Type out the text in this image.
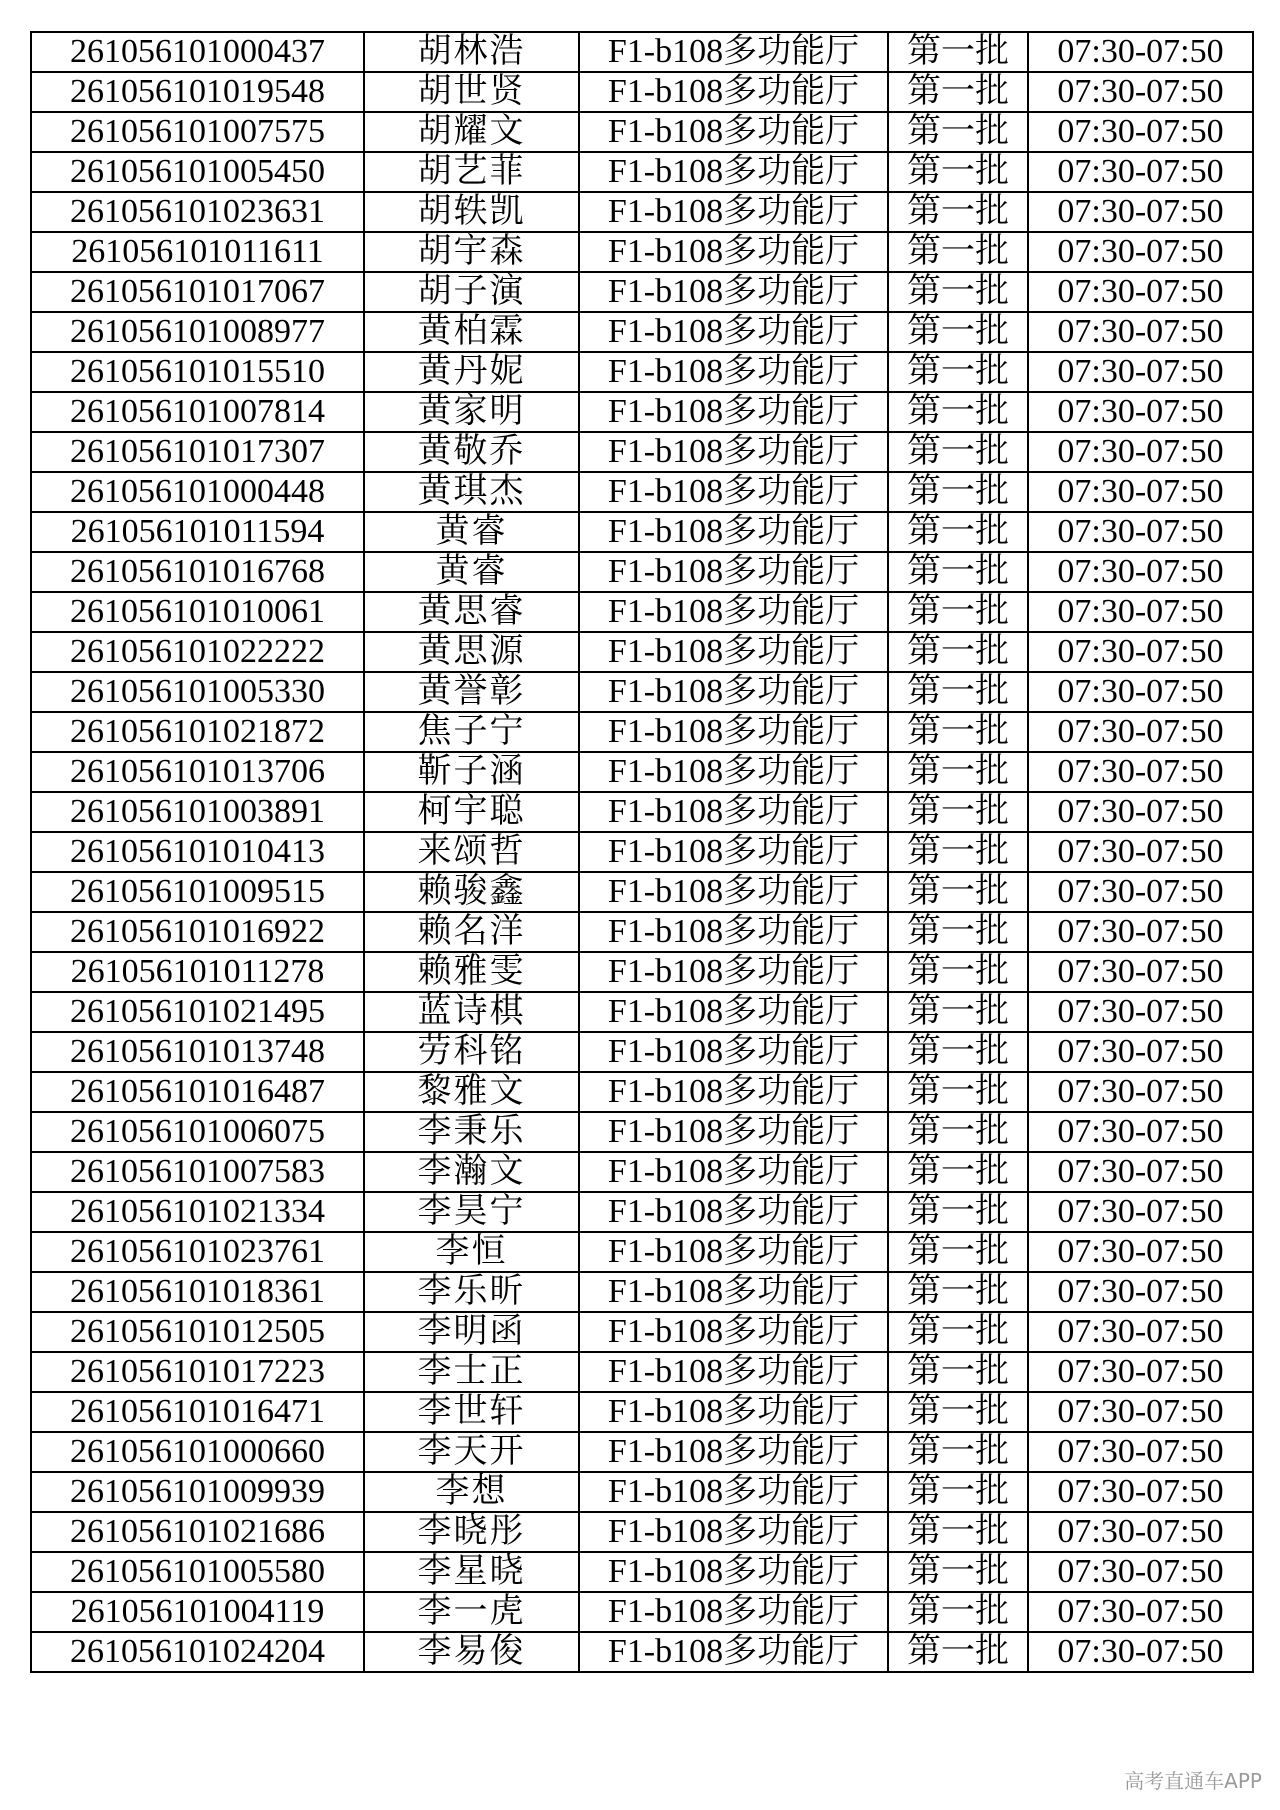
261056101000437	胡林浩	F1-b108多功能厅	第一批	07:30-07:50
261056101019548	胡世贤	F1-b108多功能厅	第一批	07:30-07:50
261056101007575	胡耀文	F1-b108多功能厅	第一批	07:30-07:50
261056101005450	胡艺菲	F1-b108多功能厅	第一批	07:30-07:50
261056101023631	胡轶凯	F1-b108多功能厅	第一批	07:30-07:50
261056101011611	胡宇森	F1-b108多功能厅	第一批	07:30-07:50
261056101017067	胡子演	F1-b108多功能厅	第一批	07:30-07:50
261056101008977	黄柏霖	F1-b108多功能厅	第一批	07:30-07:50
261056101015510	黄丹妮	F1-b108多功能厅	第一批	07:30-07:50
261056101007814	黄家明	F1-b108多功能厅	第一批	07:30-07:50
261056101017307	黄敬乔	F1-b108多功能厅	第一批	07:30-07:50
261056101000448	黄琪杰	F1-b108多功能厅	第一批	07:30-07:50
261056101011594	黄睿	F1-b108多功能厅	第一批	07:30-07:50
261056101016768	黄睿	F1-b108多功能厅	第一批	07:30-07:50
261056101010061	黄思睿	F1-b108多功能厅	第一批	07:30-07:50
261056101022222	黄思源	F1-b108多功能厅	第一批	07:30-07:50
261056101005330	黄誉彰	F1-b108多功能厅	第一批	07:30-07:50
261056101021872	焦子宁	F1-b108多功能厅	第一批	07:30-07:50
261056101013706	靳子涵	F1-b108多功能厅	第一批	07:30-07:50
261056101003891	柯宇聪	F1-b108多功能厅	第一批	07:30-07:50
261056101010413	来颂哲	F1-b108多功能厅	第一批	07:30-07:50
261056101009515	赖骏鑫	F1-b108多功能厅	第一批	07:30-07:50
261056101016922	赖名洋	F1-b108多功能厅	第一批	07:30-07:50
261056101011278	赖雅雯	F1-b108多功能厅	第一批	07:30-07:50
261056101021495	蓝诗棋	F1-b108多功能厅	第一批	07:30-07:50
261056101013748	劳科铭	F1-b108多功能厅	第一批	07:30-07:50
261056101016487	黎雅文	F1-b108多功能厅	第一批	07:30-07:50
261056101006075	李秉乐	F1-b108多功能厅	第一批	07:30-07:50
261056101007583	李瀚文	F1-b108多功能厅	第一批	07:30-07:50
261056101021334	李昊宁	F1-b108多功能厅	第一批	07:30-07:50
261056101023761	李恒	F1-b108多功能厅	第一批	07:30-07:50
261056101018361	李乐昕	F1-b108多功能厅	第一批	07:30-07:50
261056101012505	李明函	F1-b108多功能厅	第一批	07:30-07:50
261056101017223	李士正	F1-b108多功能厅	第一批	07:30-07:50
261056101016471	李世轩	F1-b108多功能厅	第一批	07:30-07:50
261056101000660	李天开	F1-b108多功能厅	第一批	07:30-07:50
261056101009939	李想	F1-b108多功能厅	第一批	07:30-07:50
261056101021686	李晓彤	F1-b108多功能厅	第一批	07:30-07:50
261056101005580	李星晓	F1-b108多功能厅	第一批	07:30-07:50
261056101004119	李一虎	F1-b108多功能厅	第一批	07:30-07:50
261056101024204	李易俊	F1-b108多功能厅	第一批	07:30-07:50
高考直通车APP
